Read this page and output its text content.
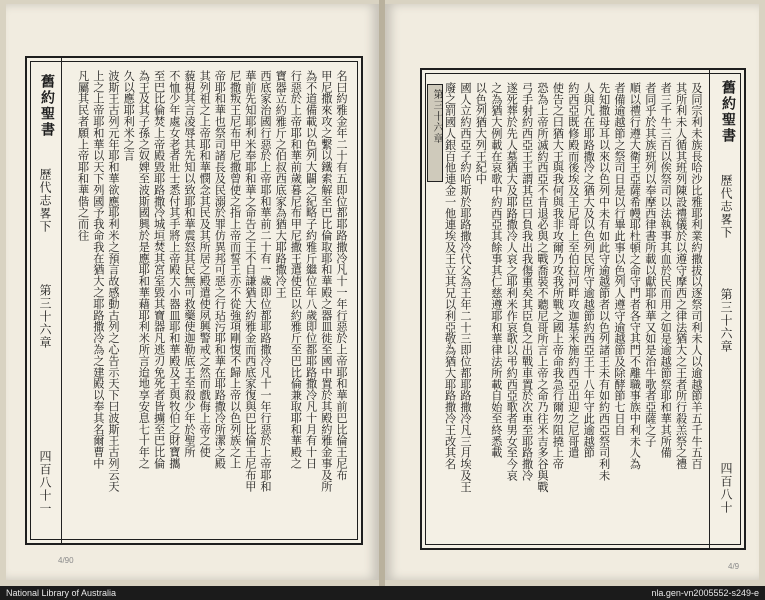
舊約聖書
歷代志畧下
第三十六章
四百八十一
名曰約雅金年二十有五即位都耶路撒冷凡十一年行惡於上帝耶和華前巴比倫王尼布
甲尼撒來攻之繫以鐵索解至巴比倫取耶和華殿之器皿徙至國中置於其殿約雅金事及所
為不道備載以色列大闢之紀略子約雅斤繼位年八歲即位都耶路撒冷凡十月有十日
行惡於上帝耶和華前歲暮尼布甲尼撒王遣使臣以約雅斤至巴比倫兼取耶和華殿之
寶器立約雅斤之伯叔西底家為猶大耶路撒冷王
西底家治國行惡於上帝耶和華前二十有一歲即位都耶路撒冷凡十一年行惡於上帝耶和
華前先知耶利米奉耶和華之命告之王不自謙猶大約雅金而西底家復與巴比倫王尼布甲
尼撒叛王尼布甲尼撒曾使之指上帝而誓王亦不從強項剛愎不歸上帝以色列族之上
帝耶和華也祭司諸長及民溺於罪仿異邦可惡之行玷污耶和華在耶路撒冷所潔之殿
其列祖之上帝耶和華憫念其民及其所居之殿遣使夙興警戒之然而戲侮上帝之使
藐視其言凌辱其先知以致耶和華震怒其民無可救藥使迦勒底王至殺少年於聖所
不恤少年處女老者壯士悉付其手將上帝殿大小器皿耶和華殿及王與牧伯之財寶攜
至巴比倫焚上帝殿毀耶路撒冷城垣焚其宮室毀其寶器凡逃刃免死者皆擄至巴比倫
為王及其子孫之奴婢至波斯國興於是應耶和華藉耶利米所言迨地享安息七十年之
久以應耶利米之言
波斯王古列元年耶和華欲應耶利米之預言故感動古列之心告示天下曰波斯王古列云天
上之上帝耶和華以天下列國予我命我在猶大之耶路撒冷為之建殿以奉其名爾曹中
凡屬其民者願上帝耶和華偕之而往	舊約聖書
歷代志畧下
第三十六章
四百八十
第三十六章	及同宗利未族長哈沙比雅耶利業約撒拔以逐祭司利未人以逾越節羊五千牛五百
其所利未人循其班列陳設禮儀於以遵守摩西之律法猶大之王者所行殺羔祭之禮
者三千牛三百以俟祭司以法執事其血於民而用之如是逾越節祭耶和華其所備
者同乎於其族班列以奉摩西律書所載以獻耶和華又如是治牛歌者亞薩之子
順以禮行遵大衛王亞薩希幔耶杜頓之命守門者各守其門不離職事族中利未人為
者備逾越節之祭司日是以行畢此事以色列人遵守逾越節及除酵節七日自
先知撒母耳以來以色列中未有如此守逾越節者以色列諸王未有如約西亞祭司利未
人與凡在耶路撒冷之猶大及以色列民所守逾越節約西亞王十八年守此逾越節
約西亞既修殿而後埃及王尼哥上至伯拉河畔攻迦基米施約西亞出迎之尼哥遣
使告之曰猶大王與我何與我非攻爾乃攻我所戰之國上帝命我急行爾勿阻撓上帝
恐為上帝所滅約西亞不肯退必與之戰喬裝不聽尼哥所言上帝之命乃往米吉多谷與戰
弓手射約西亞王王謂其臣曰負我出我傷重矣其臣負之出戰車置於次車至耶路撒冷
遂死葬於先人墓猶大及耶路撒冷人哀之耶利米作哀歌以弔約西亞歌者男女至今哀
之為猶大例載在哀歌中約西亞其餘事其仁慈遵耶和華律法所載自始至終悉載
以色列猶大列王紀中
國人立約西亞子約哈斯於耶路撒冷代父為王年二十三即位都耶路撒冷凡三月埃及王
廢之罰國人銀百他連金一他連埃及王立其兄以利亞敬為猶大耶路撒冷王改其名
4/90
4/9
National Library of Australia	nla.gen-vn2005552-s249-e
